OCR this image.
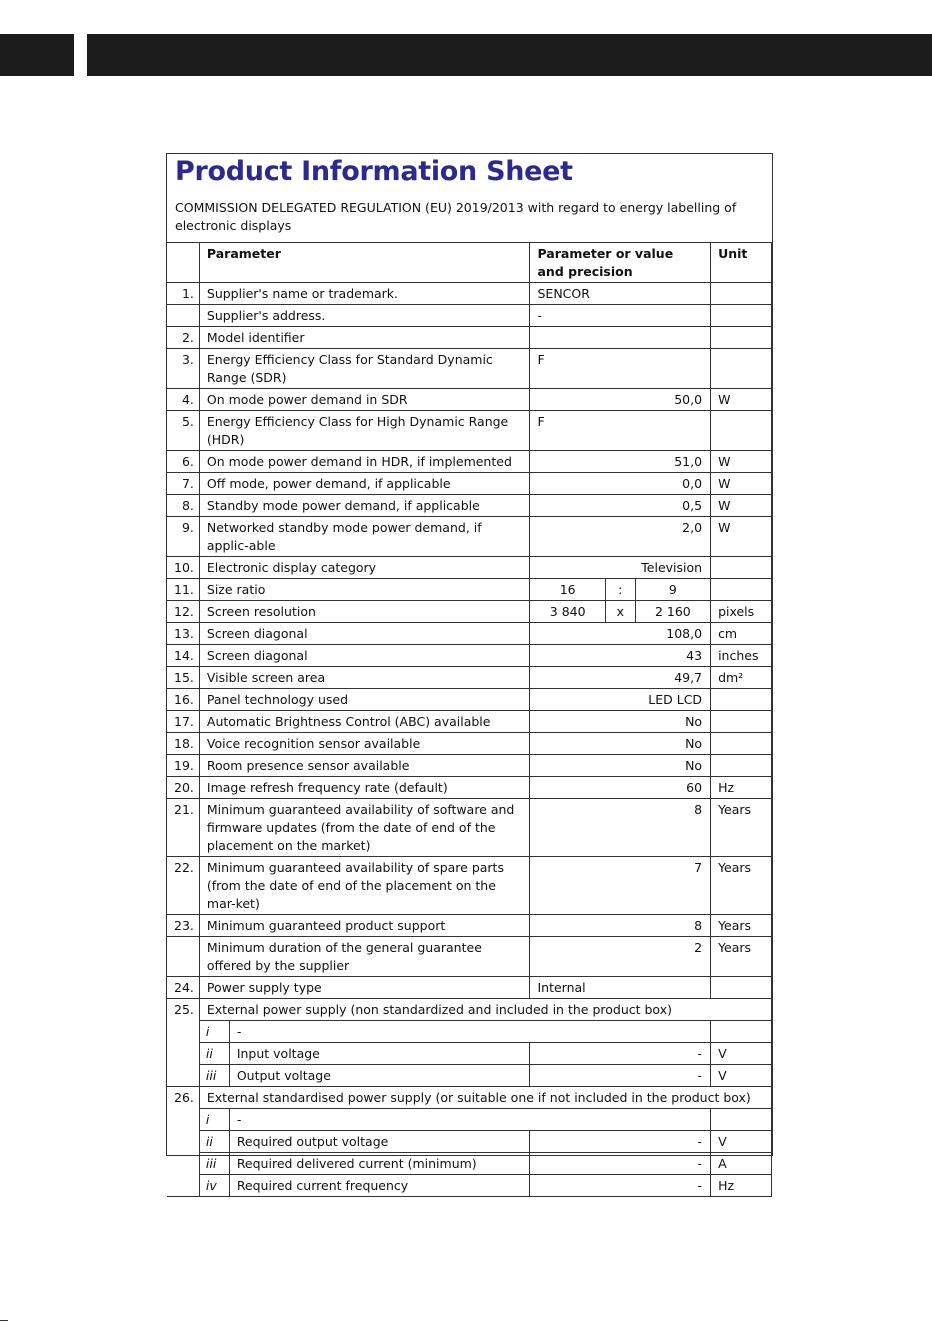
Product Information Sheet
COMMISSION DELEGATED REGULATION (EU) 2019/2013 with regard to energy labelling of electronic displays
	Parameter		Parameter or value and precision			Unit
1.	Supplier's name or trademark.		SENCOR			
	Supplier's address.		-			
2.	Model identifier					
3.	Energy Efficiency Class for Standard Dynamic Range (SDR)		F			
4.	On mode power demand in SDR		50,0			W
5.	Energy Efficiency Class for High Dynamic Range (HDR)		F			
6.	On mode power demand in HDR, if implemented		51,0			W
7.	Off mode, power demand, if applicable		0,0			W
8.	Standby mode power demand, if applicable		0,5			W
9.	Networked standby mode power demand, if applic-able		2,0			W
10.	Electronic display category		Television			
11.	Size ratio		16	:	9	
12.	Screen resolution		3 840	x	2 160	pixels
13.	Screen diagonal		108,0			cm
14.	Screen diagonal		43			inches
15.	Visible screen area		49,7			dm²
16.	Panel technology used		LED LCD			
17.	Automatic Brightness Control (ABC) available		No			
18.	Voice recognition sensor available		No			
19.	Room presence sensor available		No			
20.	Image refresh frequency rate (default)		60			Hz
21.	Minimum guaranteed availability of software and firmware updates (from the date of end of the placement on the market)		8			Years
22.	Minimum guaranteed availability of spare parts (from the date of end of the placement on the mar-ket)		7			Years
23.	Minimum guaranteed product support		8			Years
	Minimum duration of the general guarantee offered by the supplier		2			Years
24.	Power supply type		Internal			
25.	External power supply (non standardized and included in the product box)					
	i	-				
	ii	Input voltage	-			V
	iii	Output voltage	-			V
26.	External standardised power supply (or suitable one if not included in the product box)					
	i	-				
	ii	Required output voltage	-			V
	iii	Required delivered current (minimum)	-			A
	iv	Required current frequency	-			Hz
